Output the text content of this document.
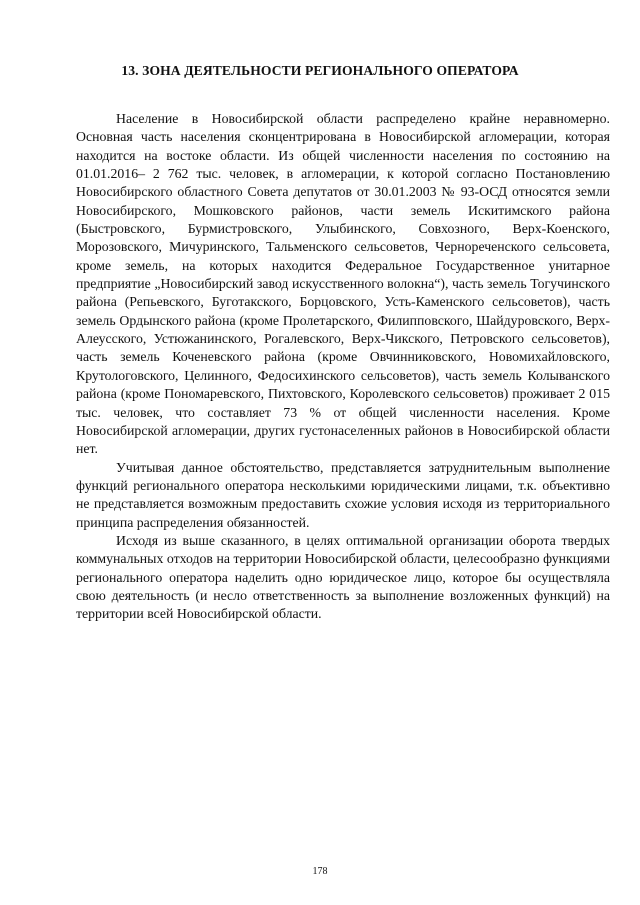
13. ЗОНА ДЕЯТЕЛЬНОСТИ РЕГИОНАЛЬНОГО ОПЕРАТОРА

Население в Новосибирской области распределено крайне неравномерно. Основная часть населения сконцентрирована в Новосибирской агломерации, которая находится на востоке области. Из общей численности населения по состоянию на 01.01.2016– 2 762 тыс. человек, в агломерации, к которой согласно Постановлению Новосибирского областного Совета депутатов от 30.01.2003 № 93-ОСД относятся земли Новосибирского, Мошковского районов, части земель Искитимского района (Быстровского, Бурмистровского, Улыбинского, Совхозного, Верх-Коенского, Морозовского, Мичуринского, Тальменского сельсоветов, Черноречeнского сельсовета, кроме земель, на которых находится Федеральное Государственное унитарное предприятие „Новосибирский завод искусственного волокна“), часть земель Тогучинского района (Репьевского, Буготакского, Борцовского, Усть-Каменского сельсоветов), часть земель Ордынского района (кроме Пролетарского, Филипповского, Шайдуровского, Верх-Алеусского, Устюжанинского, Рогалевского, Верх-Чикского, Петровского сельсоветов), часть земель Коченевского района (кроме Овчинниковского, Новомихайловского, Крутологовского, Целинного, Федосихинского сельсоветов), часть земель Колыванского района (кроме Пономаревского, Пихтовского, Королевского сельсоветов) проживает 2 015 тыс. человек, что составляет 73 % от общей численности населения. Кроме Новосибирской агломерации, других густонаселенных районов в Новосибирской области нет.

Учитывая данное обстоятельство, представляется затруднительным выполнение функций регионального оператора несколькими юридическими лицами, т.к. объективно не представляется возможным предоставить схожие условия исходя из территориального принципа распределения обязанностей.

Исходя из выше сказанного, в целях оптимальной организации оборота твердых коммунальных отходов на территории Новосибирской области, целесообразно функциями регионального оператора наделить одно юридическое лицо, которое бы осуществляла свою деятельность (и несло ответственность за выполнение возложенных функций) на территории всей Новосибирской области.

178
